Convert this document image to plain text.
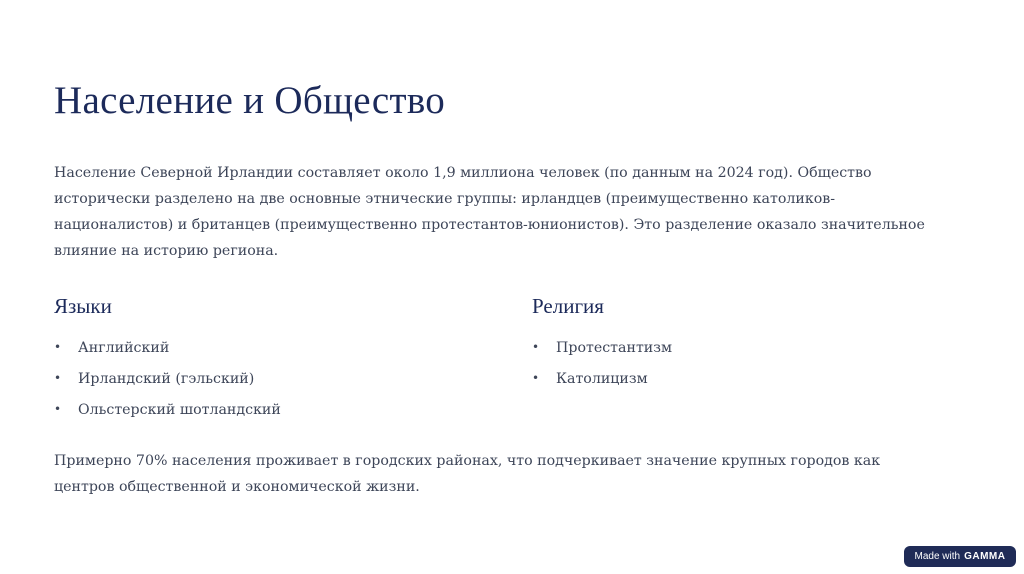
Население и Общество

Население Северной Ирландии составляет около 1,9 миллиона человек (по данным на 2024 год). Общество исторически разделено на две основные этнические группы: ирландцев (преимущественно католиков-националистов) и британцев (преимущественно протестантов-юнионистов). Это разделение оказало значительное влияние на историю региона.

Языки
• Английский
• Ирландский (гэльский)
• Ольстерский шотландский
Религия
• Протестантизм
• Католицизм

Примерно 70% населения проживает в городских районах, что подчеркивает значение крупных городов как центров общественной и экономической жизни.

Made with GAMMA
